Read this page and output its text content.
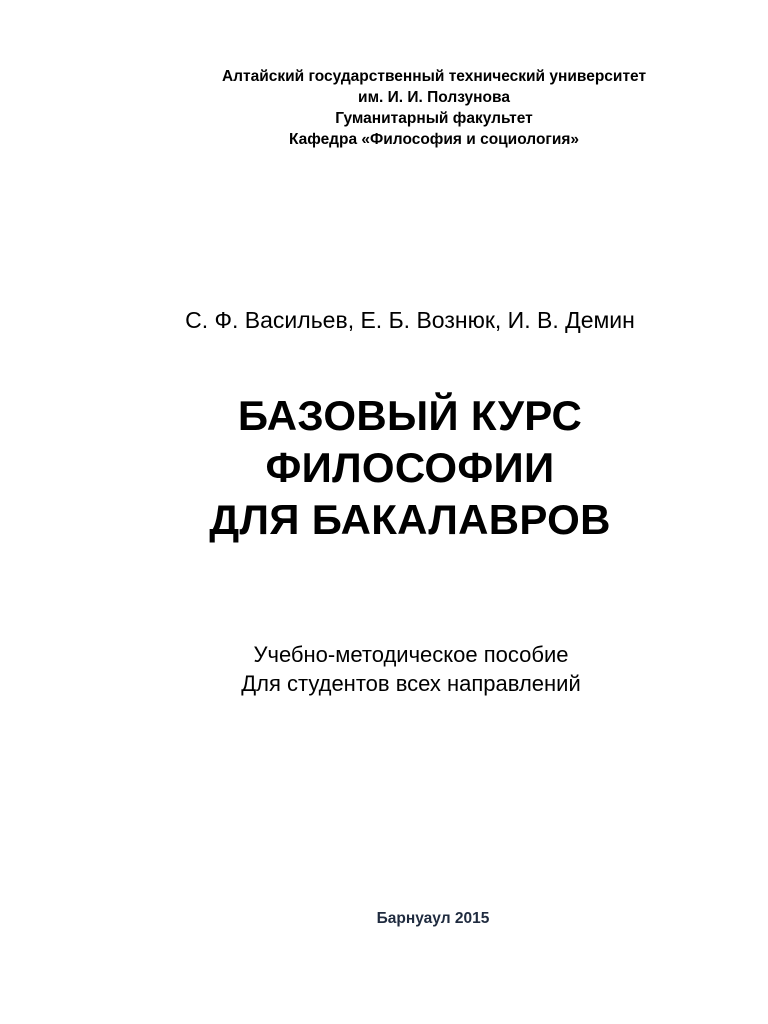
Алтайский государственный технический университет
им. И. И. Ползунова
Гуманитарный факультет
Кафедра «Философия и социология»
С. Ф. Васильев, Е. Б. Вознюк, И. В. Демин
БАЗОВЫЙ КУРС
ФИЛОСОФИИ
ДЛЯ БАКАЛАВРОВ
Учебно-методическое пособие
Для студентов всех направлений
Барнуаул 2015
